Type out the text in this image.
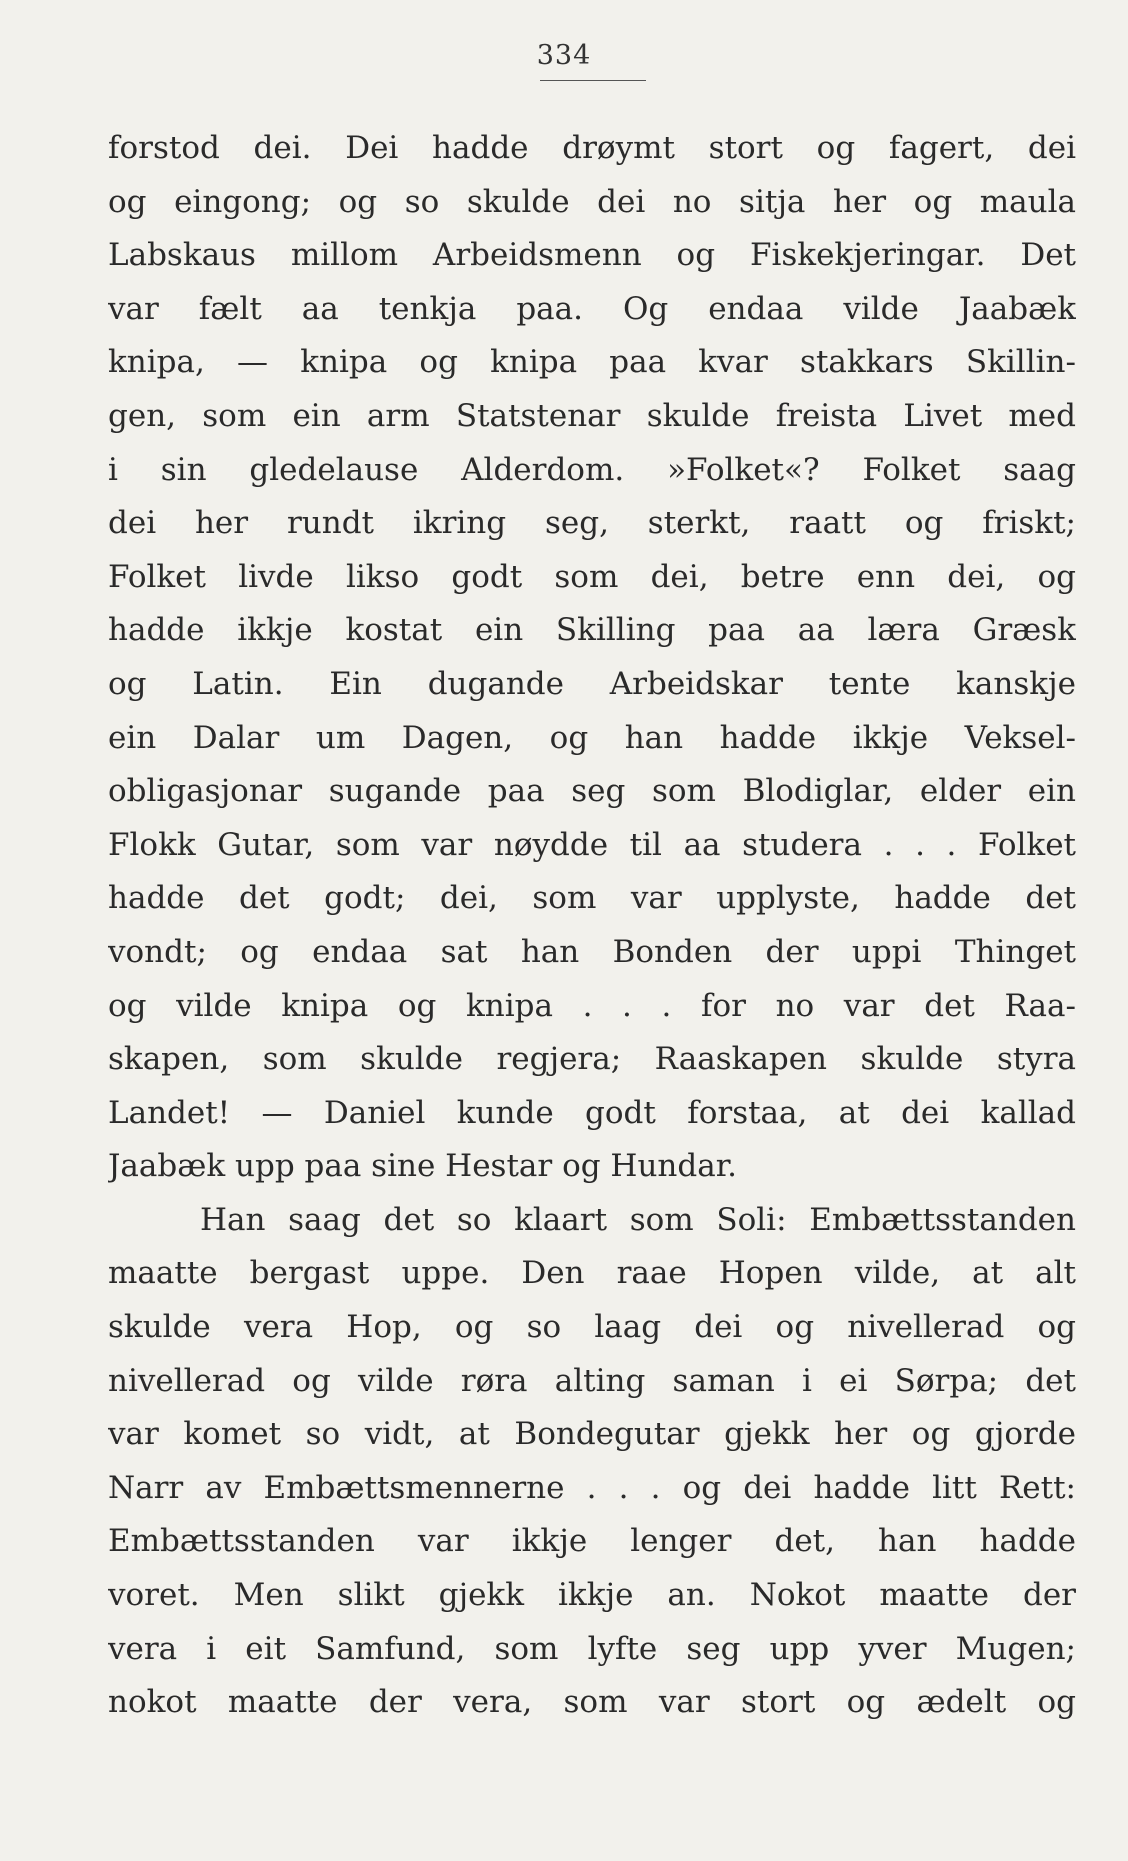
334
forstod dei. Dei hadde drøymt stort og fagert, dei
og eingong; og so skulde dei no sitja her og maula
Labskaus millom Arbeidsmenn og Fiskekjeringar. Det
var fælt aa tenkja paa. Og endaa vilde Jaabæk
knipa, — knipa og knipa paa kvar stakkars Skillin-
gen, som ein arm Statstenar skulde freista Livet med
i sin gledelause Alderdom. »Folket«? Folket saag
dei her rundt ikring seg, sterkt, raatt og friskt;
Folket livde likso godt som dei, betre enn dei, og
hadde ikkje kostat ein Skilling paa aa læra Græsk
og Latin. Ein dugande Arbeidskar tente kanskje
ein Dalar um Dagen, og han hadde ikkje Veksel-
obligasjonar sugande paa seg som Blodiglar, elder ein
Flokk Gutar, som var nøydde til aa studera . . . Folket
hadde det godt; dei, som var upplyste, hadde det
vondt; og endaa sat han Bonden der uppi Thinget
og vilde knipa og knipa . . . for no var det Raa-
skapen, som skulde regjera; Raaskapen skulde styra
Landet! — Daniel kunde godt forstaa, at dei kallad
Jaabæk upp paa sine Hestar og Hundar.
Han saag det so klaart som Soli: Embættsstanden
maatte bergast uppe. Den raae Hopen vilde, at alt
skulde vera Hop, og so laag dei og nivellerad og
nivellerad og vilde røra alting saman i ei Sørpa; det
var komet so vidt, at Bondegutar gjekk her og gjorde
Narr av Embættsmennerne . . . og dei hadde litt Rett:
Embættsstanden var ikkje lenger det, han hadde
voret. Men slikt gjekk ikkje an. Nokot maatte der
vera i eit Samfund, som lyfte seg upp yver Mugen;
nokot maatte der vera, som var stort og ædelt og
